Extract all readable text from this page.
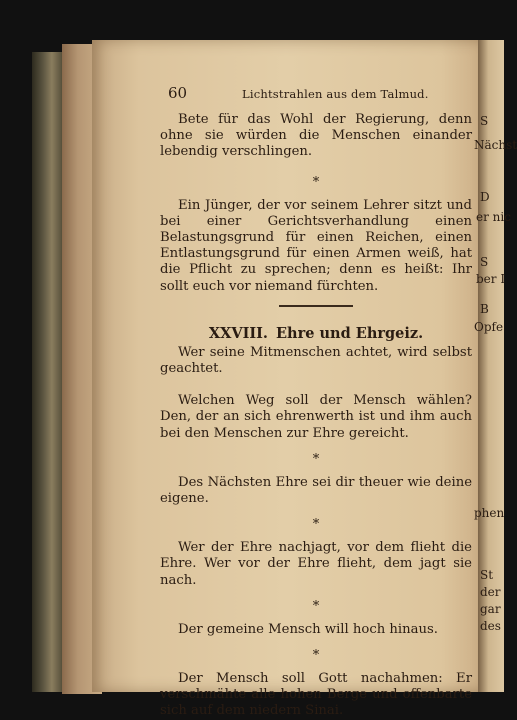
S
Nächst
D
er nic
S
ber I
B
Opfe
phen
St
der
gar
des
60	Lichtstrahlen aus dem Talmud.

Bete für das Wohl der Regierung, denn ohne sie würden die Menschen einander lebendig verschlingen.

*

Ein Jünger, der vor seinem Lehrer sitzt und bei einer Gerichtsverhandlung einen Belastungsgrund für einen Reichen, einen Entlastungsgrund für einen Armen weiß, hat die Pflicht zu sprechen; denn es heißt: Ihr sollt euch vor niemand fürchten.

XXVIII. Ehre und Ehrgeiz.

Wer seine Mitmenschen achtet, wird selbst geachtet.

Welchen Weg soll der Mensch wählen? Den, der an sich ehrenwerth ist und ihm auch bei den Menschen zur Ehre gereicht.

*

Des Nächsten Ehre sei dir theuer wie deine eigene.

*

Wer der Ehre nachjagt, vor dem flieht die Ehre. Wer vor der Ehre flieht, dem jagt sie nach.

*

Der gemeine Mensch will hoch hinaus.

*

Der Mensch soll Gott nachahmen: Er verschmähte alle hohen Berge und offenbarte sich auf dem niedern Sinai.
